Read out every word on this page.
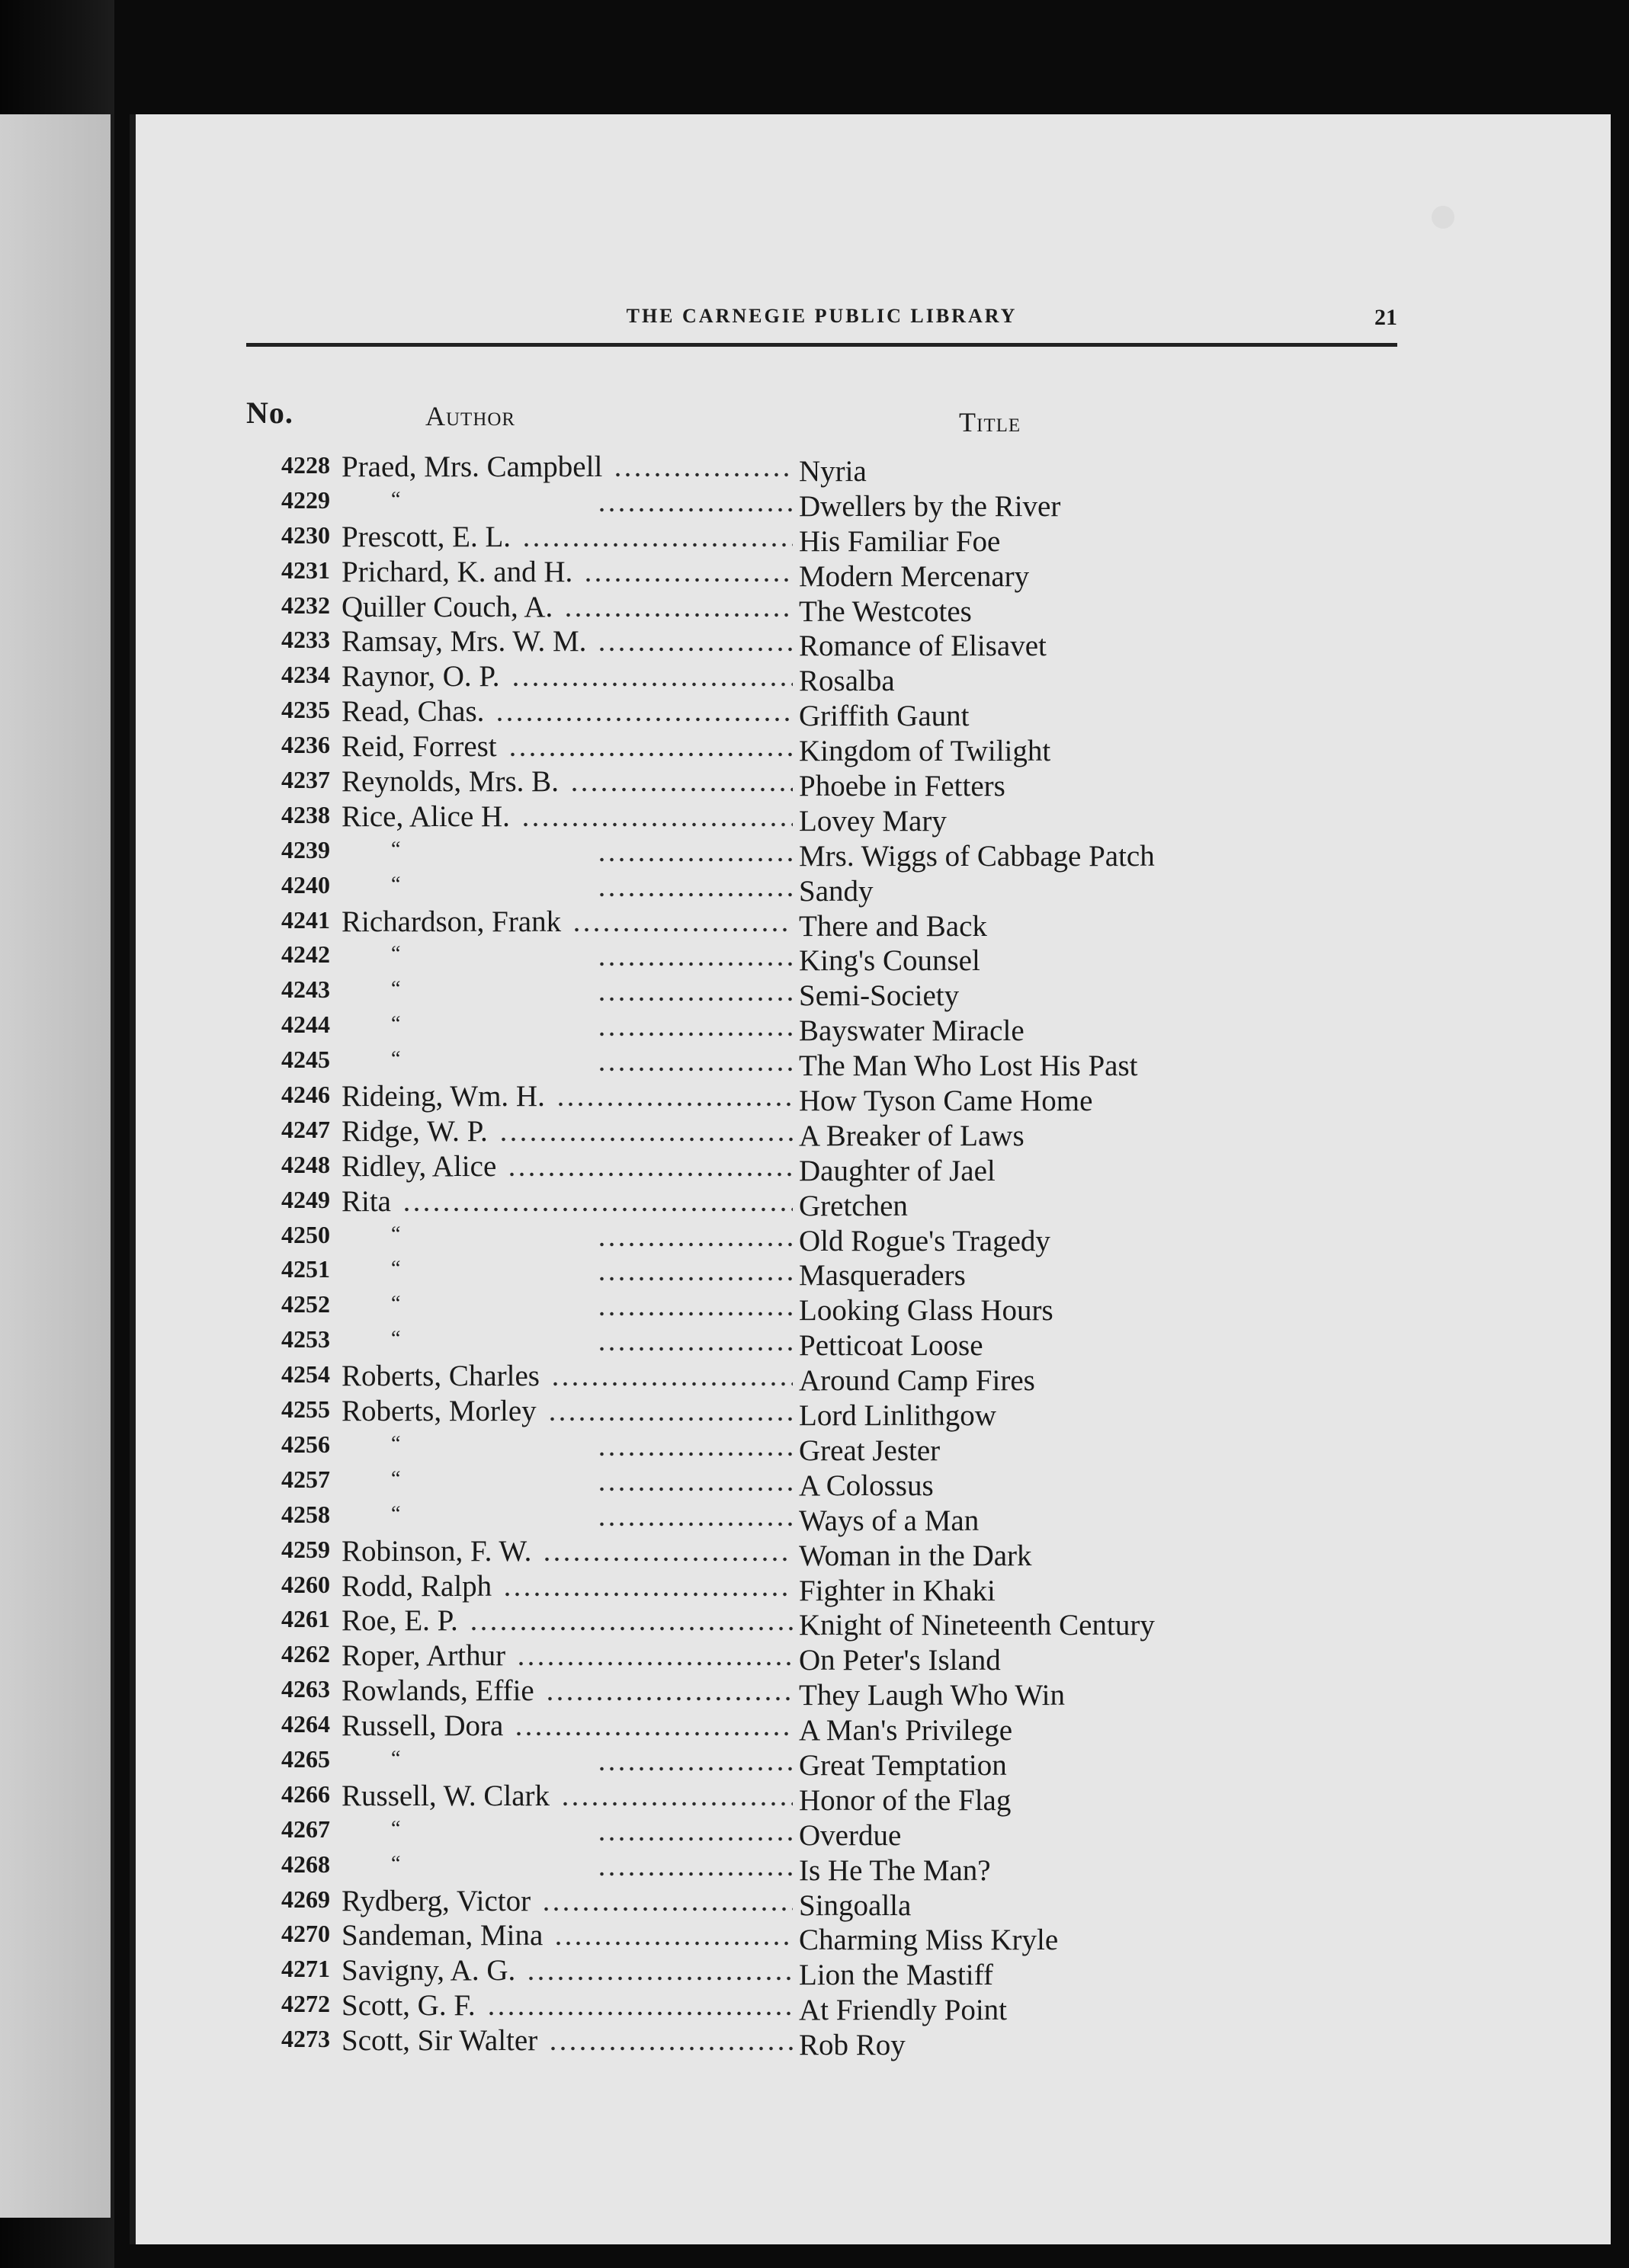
THE CARNEGIE PUBLIC LIBRARY	21
No.	Author	Title
4228 Praed, Mrs. Campbell	Nyria
4229	“	Dwellers by the River
4230 Prescott, E. L.	His Familiar Foe
4231 Prichard, K. and H.	Modern Mercenary
4232 Quiller Couch, A.	The Westcotes
4233 Ramsay, Mrs. W. M.	Romance of Elisavet
4234 Raynor, O. P.	Rosalba
4235 Read, Chas.	Griffith Gaunt
4236 Reid, Forrest	Kingdom of Twilight
4237 Reynolds, Mrs. B.	Phoebe in Fetters
4238 Rice, Alice H.	Lovey Mary
4239	“	Mrs. Wiggs of Cabbage Patch
4240	“	Sandy
4241 Richardson, Frank	There and Back
4242	“	King's Counsel
4243	“	Semi-Society
4244	“	Bayswater Miracle
4245	“	The Man Who Lost His Past
4246 Rideing, Wm. H.	How Tyson Came Home
4247 Ridge, W. P.	A Breaker of Laws
4248 Ridley, Alice	Daughter of Jael
4249 Rita	Gretchen
4250	“	Old Rogue's Tragedy
4251	“	Masqueraders
4252	“	Looking Glass Hours
4253	“	Petticoat Loose
4254 Roberts, Charles	Around Camp Fires
4255 Roberts, Morley	Lord Linlithgow
4256	“	Great Jester
4257	“	A Colossus
4258	“	Ways of a Man
4259 Robinson, F. W.	Woman in the Dark
4260 Rodd, Ralph	Fighter in Khaki
4261 Roe, E. P.	Knight of Nineteenth Century
4262 Roper, Arthur	On Peter's Island
4263 Rowlands, Effie	They Laugh Who Win
4264 Russell, Dora	A Man's Privilege
4265	“	Great Temptation
4266 Russell, W. Clark	Honor of the Flag
4267	“	Overdue
4268	“	Is He The Man?
4269 Rydberg, Victor	Singoalla
4270 Sandeman, Mina	Charming Miss Kryle
4271 Savigny, A. G.	Lion the Mastiff
4272 Scott, G. F.	At Friendly Point
4273 Scott, Sir Walter	Rob Roy
